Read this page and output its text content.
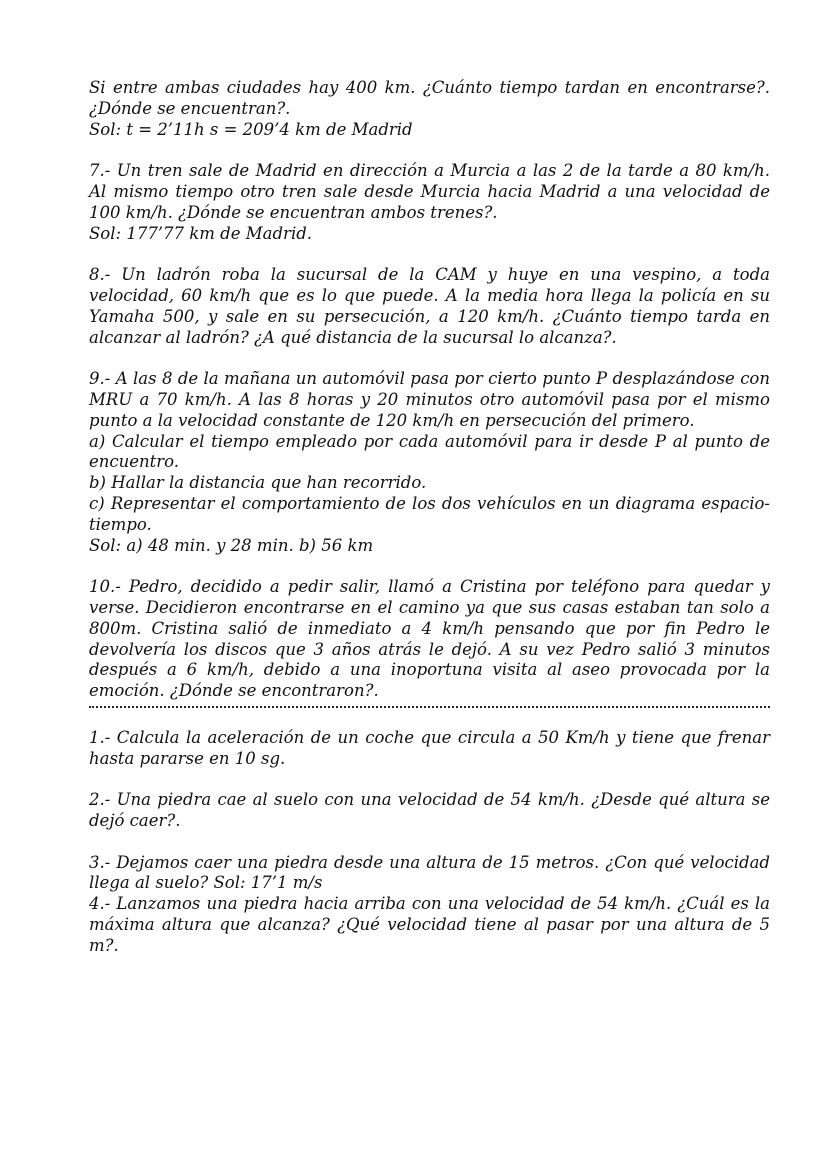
Si entre ambas ciudades hay 400 km. ¿Cuánto tiempo tardan en encontrarse?. ¿Dónde se encuentran?.

Sol: t = 2’11h s = 209’4 km de Madrid

7.- Un tren sale de Madrid en dirección a Murcia a las 2 de la tarde a 80 km/h. Al mismo tiempo otro tren sale desde Murcia hacia Madrid a una velocidad de 100 km/h. ¿Dónde se encuentran ambos trenes?.

Sol: 177’77 km de Madrid.

8.- Un ladrón roba la sucursal de la CAM y huye en una vespino, a toda velocidad, 60 km/h que es lo que puede. A la media hora llega la policía en su Yamaha 500, y sale en su persecución, a 120 km/h. ¿Cuánto tiempo tarda en alcanzar al ladrón? ¿A qué distancia de la sucursal lo alcanza?.

9.- A las 8 de la mañana un automóvil pasa por cierto punto P desplazándose con MRU a 70 km/h. A las 8 horas y 20 minutos otro automóvil pasa por el mismo punto a la velocidad constante de 120 km/h en persecución del primero.

a) Calcular el tiempo empleado por cada automóvil para ir desde P al punto de encuentro.

b) Hallar la distancia que han recorrido.

c) Representar el comportamiento de los dos vehículos en un diagrama espacio-tiempo.

Sol: a) 48 min. y 28 min. b) 56 km

10.- Pedro, decidido a pedir salir, llamó a Cristina por teléfono para quedar y verse. Decidieron encontrarse en el camino ya que sus casas estaban tan solo a 800m. Cristina salió de inmediato a 4 km/h pensando que por fin Pedro le devolvería los discos que 3 años atrás le dejó. A su vez Pedro salió 3 minutos después a 6 km/h, debido a una inoportuna visita al aseo provocada por la emoción. ¿Dónde se encontraron?.

1.- Calcula la aceleración de un coche que circula a 50 Km/h y tiene que frenar hasta pararse en 10 sg.

2.- Una piedra cae al suelo con una velocidad de 54 km/h. ¿Desde qué altura se dejó caer?.

3.- Dejamos caer una piedra desde una altura de 15 metros. ¿Con qué velocidad llega al suelo? Sol: 17’1 m/s

4.- Lanzamos una piedra hacia arriba con una velocidad de 54 km/h. ¿Cuál es la máxima altura que alcanza? ¿Qué velocidad tiene al pasar por una altura de 5 m?.
